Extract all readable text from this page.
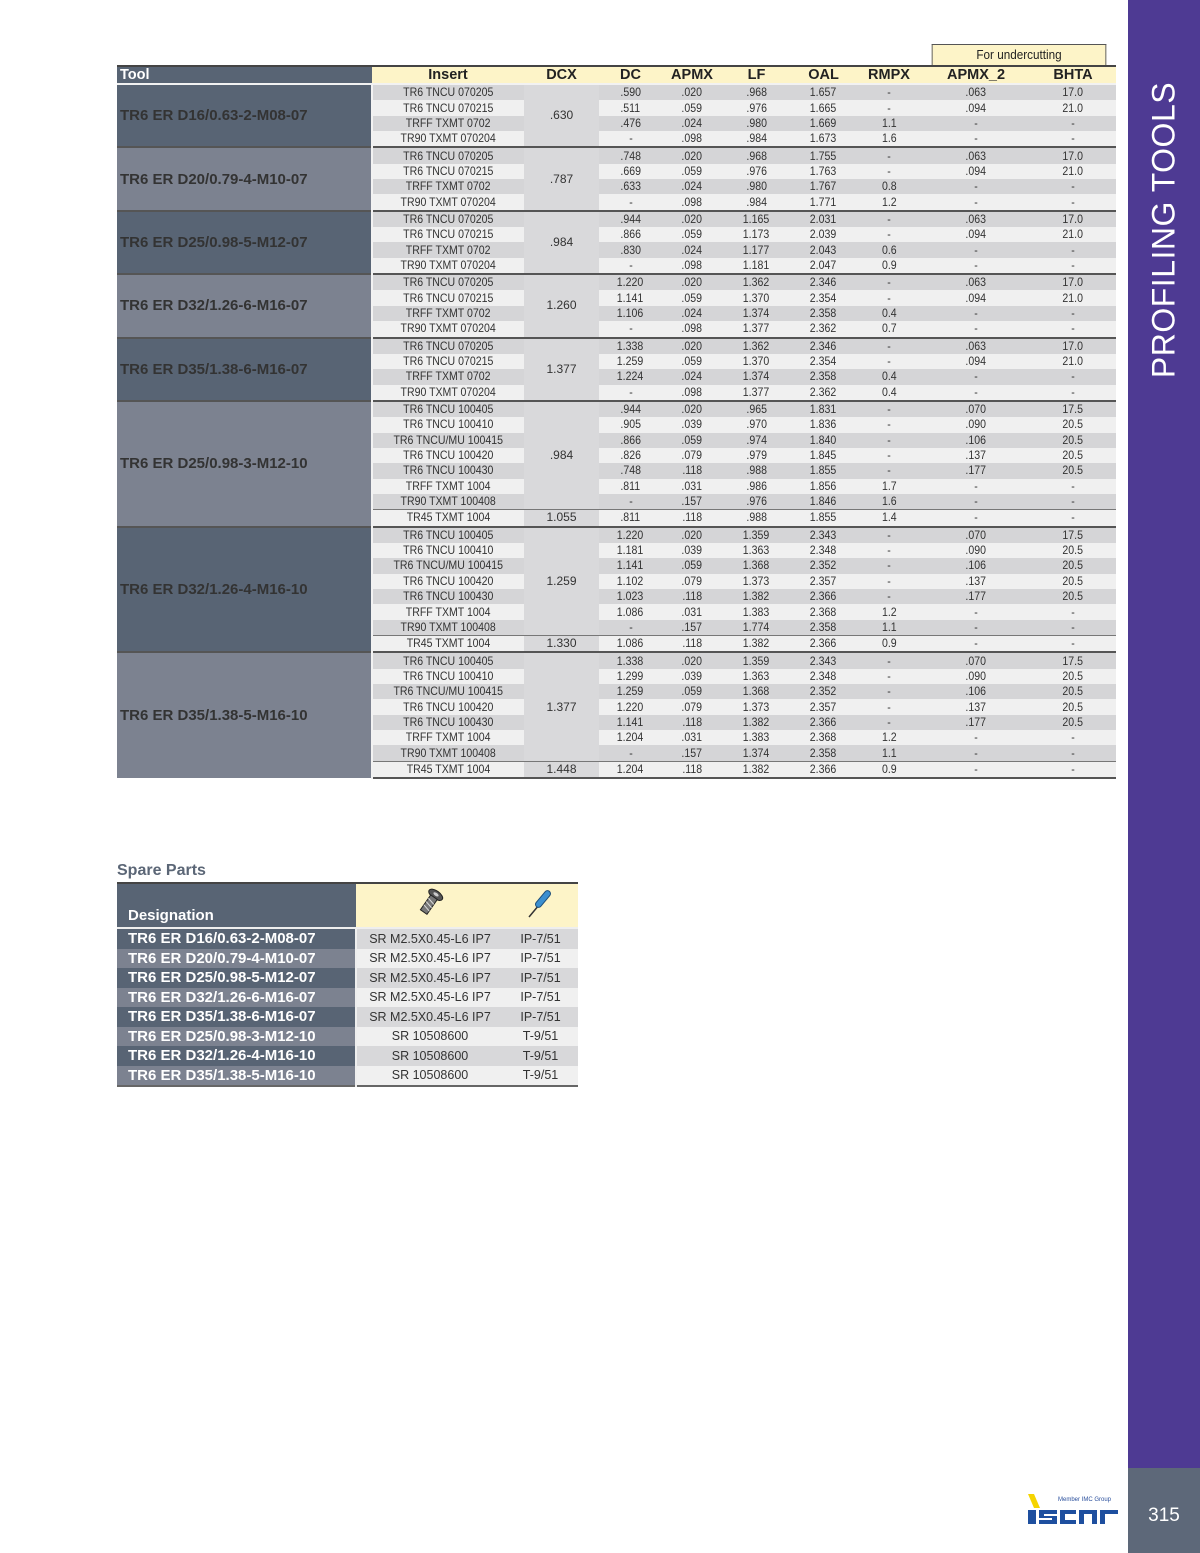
For undercutting
Tool	Insert	DCX	DC	APMX	LF	OAL	RMPX	APMX_2	BHTA
TR6 ER D16/0.63-2-M08-07	TR6 TNCU 070205	.630	.590	.020	.968	1.657	-	.063	17.0
	TR6 TNCU 070215		.511	.059	.976	1.665	-	.094	21.0
	TRFF TXMT 0702		.476	.024	.980	1.669	1.1	-	-
	TR90 TXMT 070204		-	.098	.984	1.673	1.6	-	-
TR6 ER D20/0.79-4-M10-07	TR6 TNCU 070205	.787	.748	.020	.968	1.755	-	.063	17.0
	TR6 TNCU 070215		.669	.059	.976	1.763	-	.094	21.0
	TRFF TXMT 0702		.633	.024	.980	1.767	0.8	-	-
	TR90 TXMT 070204		-	.098	.984	1.771	1.2	-	-
TR6 ER D25/0.98-5-M12-07	TR6 TNCU 070205	.984	.944	.020	1.165	2.031	-	.063	17.0
	TR6 TNCU 070215		.866	.059	1.173	2.039	-	.094	21.0
	TRFF TXMT 0702		.830	.024	1.177	2.043	0.6	-	-
	TR90 TXMT 070204		-	.098	1.181	2.047	0.9	-	-
TR6 ER D32/1.26-6-M16-07	TR6 TNCU 070205	1.260	1.220	.020	1.362	2.346	-	.063	17.0
	TR6 TNCU 070215		1.141	.059	1.370	2.354	-	.094	21.0
	TRFF TXMT 0702		1.106	.024	1.374	2.358	0.4	-	-
	TR90 TXMT 070204		-	.098	1.377	2.362	0.7	-	-
TR6 ER D35/1.38-6-M16-07	TR6 TNCU 070205	1.377	1.338	.020	1.362	2.346	-	.063	17.0
	TR6 TNCU 070215		1.259	.059	1.370	2.354	-	.094	21.0
	TRFF TXMT 0702		1.224	.024	1.374	2.358	0.4	-	-
	TR90 TXMT 070204		-	.098	1.377	2.362	0.4	-	-
TR6 ER D25/0.98-3-M12-10	TR6 TNCU 100405	.984	.944	.020	.965	1.831	-	.070	17.5
	TR6 TNCU 100410		.905	.039	.970	1.836	-	.090	20.5
	TR6 TNCU/MU 100415		.866	.059	.974	1.840	-	.106	20.5
	TR6 TNCU 100420		.826	.079	.979	1.845	-	.137	20.5
	TR6 TNCU 100430		.748	.118	.988	1.855	-	.177	20.5
	TRFF TXMT 1004		.811	.031	.986	1.856	1.7	-	-
	TR90 TXMT 100408		-	.157	.976	1.846	1.6	-	-
	TR45 TXMT 1004	1.055	.811	.118	.988	1.855	1.4	-	-
TR6 ER D32/1.26-4-M16-10	TR6 TNCU 100405	1.259	1.220	.020	1.359	2.343	-	.070	17.5
	TR6 TNCU 100410		1.181	.039	1.363	2.348	-	.090	20.5
	TR6 TNCU/MU 100415		1.141	.059	1.368	2.352	-	.106	20.5
	TR6 TNCU 100420		1.102	.079	1.373	2.357	-	.137	20.5
	TR6 TNCU 100430		1.023	.118	1.382	2.366	-	.177	20.5
	TRFF TXMT 1004		1.086	.031	1.383	2.368	1.2	-	-
	TR90 TXMT 100408		-	.157	1.774	2.358	1.1	-	-
	TR45 TXMT 1004	1.330	1.086	.118	1.382	2.366	0.9	-	-
TR6 ER D35/1.38-5-M16-10	TR6 TNCU 100405	1.377	1.338	.020	1.359	2.343	-	.070	17.5
	TR6 TNCU 100410		1.299	.039	1.363	2.348	-	.090	20.5
	TR6 TNCU/MU 100415		1.259	.059	1.368	2.352	-	.106	20.5
	TR6 TNCU 100420		1.220	.079	1.373	2.357	-	.137	20.5
	TR6 TNCU 100430		1.141	.118	1.382	2.366	-	.177	20.5
	TRFF TXMT 1004		1.204	.031	1.383	2.368	1.2	-	-
	TR90 TXMT 100408		-	.157	1.374	2.358	1.1	-	-
	TR45 TXMT 1004	1.448	1.204	.118	1.382	2.366	0.9	-	-
Spare Parts
Designation		
TR6 ER D16/0.63-2-M08-07	SR M2.5X0.45-L6 IP7	IP-7/51
TR6 ER D20/0.79-4-M10-07	SR M2.5X0.45-L6 IP7	IP-7/51
TR6 ER D25/0.98-5-M12-07	SR M2.5X0.45-L6 IP7	IP-7/51
TR6 ER D32/1.26-6-M16-07	SR M2.5X0.45-L6 IP7	IP-7/51
TR6 ER D35/1.38-6-M16-07	SR M2.5X0.45-L6 IP7	IP-7/51
TR6 ER D25/0.98-3-M12-10	SR 10508600	T-9/51
TR6 ER D32/1.26-4-M16-10	SR 10508600	T-9/51
TR6 ER D35/1.38-5-M16-10	SR 10508600	T-9/51
PROFILING TOOLS
315
Member IMC Group
